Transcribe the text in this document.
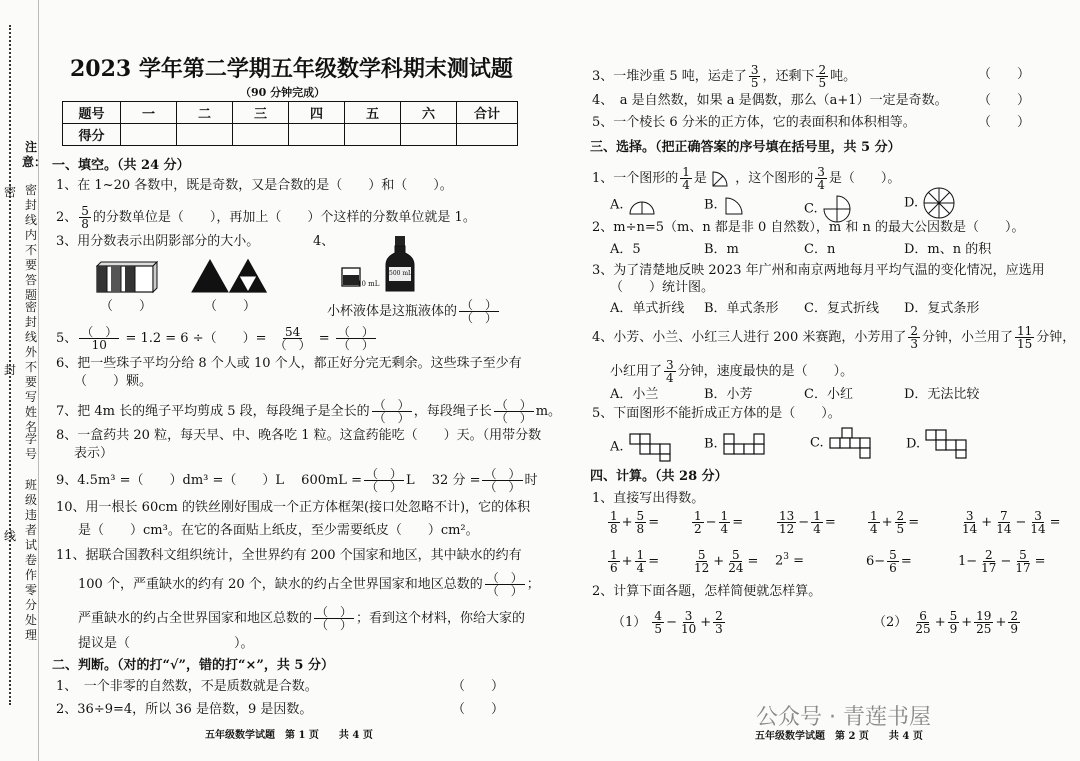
注意：
密封线内不要答题
密封线外不要写姓名
学号
班级违者试卷作零分处理
密
封
线
2023 学年第二学期五年级数学科期末测试题
（90 分钟完成）
题号	一	二	三	四	五	六	合计
得分							
一、填空。（共 24 分）
1、在 1~20 各数中，既是奇数，又是合数的是（　　）和（　　）。
2、 $\frac{5}{8}$ 的分数单位是（　　），再加上（　　）个这样的分数单位就是 1。
3、用分数表示出阴影部分的大小。	4、
（　　）	（　　）
10 mL
500 mL
小杯液体是这瓶液体的 $\frac{( )}{( )}$
5、 $\frac{( )}{10} = 1.2 = 6$ ÷（　　）= $\frac{54}{( )} = \frac{( )}{( )}$
6、把一些珠子平均分给 8 个人或 10 个人，都正好分完无剩余。这些珠子至少有
（　　）颗。
7、把 4m 长的绳子平均剪成 5 段，每段绳子是全长的 $\frac{( )}{( )}$ ，每段绳子长 $\frac{( )}{( )}$ m。
8、一盒药共 20 粒，每天早、中、晚各吃 1 粒。这盒药能吃（　　）天。（用带分数
表示）
9、4.5m³ =（　　）dm³ =（　　）L　 $600mL = \frac{( )}{( )}$ L　 32 分 = $\frac{( )}{( )}$ 时
10、用一根长 60cm 的铁丝刚好围成一个正方体框架(接口处忽略不计)，它的体积
是（　　）cm³。在它的各面贴上纸皮，至少需要纸皮（　　）cm²。
11、据联合国教科文组织统计，全世界约有 200 个国家和地区，其中缺水的约有
100 个，严重缺水的约有 20 个，缺水的约占全世界国家和地区总数的 $\frac{( )}{( )}$ ；
严重缺水的约占全世界国家和地区总数的 $\frac{( )}{( )}$ ；看到这个材料，你给大家的
提议是（　　　　　　　　）。
二、判断。（对的打“√”，错的打“×”，共 5 分）
1、　一个非零的自然数，不是质数就是合数。	（　　）
2、36÷9=4，所以 36 是倍数，9 是因数。	（　　）
五年级数学试题　第 1 页　　共 4 页
3、一堆沙重 5 吨，运走了 $\frac{3}{5}$ ，还剩下 $\frac{2}{5}$ 吨。	（　　）
4、　a 是自然数，如果 a 是偶数，那么（a+1）一定是奇数。 （　　）
5、一个棱长 6 分米的正方体，它的表面积和体积相等。	（　　）
三、选择。（把正确答案的序号填在括号里，共 5 分）
1、一个图形的 $\frac{1}{4}$ 是 ，这个图形的 $\frac{3}{4}$ 是（　　）。
A.	B.	C.	D.
2、m÷n=5（m、n 都是非 0 自然数），m 和 n 的最大公因数是（　　）。
A．5	B．m	C．n	D．m、n 的积
3、为了清楚地反映 2023 年广州和南京两地每月平均气温的变化情况，应选用
（　　）统计图。
A．单式折线 B．单式条形 C．复式折线 D．复式条形
4、小芳、小兰、小红三人进行 200 米赛跑，小芳用了 $\frac{2}{3}$ 分钟，小兰用了 $\frac{11}{15}$ 分钟，
小红用了 $\frac{3}{4}$ 分钟，速度最快的是（　　）。
A．小兰	B．小芳	C．小红	D．无法比较
5、下面图形不能折成正方体的是（　　）。
A.	B.	C.	D.
四、计算。（共 28 分）
1、直接写出得数。
$\frac{1}{8} + \frac{5}{8}$ =	$\frac{1}{2} - \frac{1}{4}$ =	$\frac{13}{12} - \frac{1}{4}$ =	$\frac{1}{4} + \frac{2}{5}$ =	$\frac{3}{14} + \frac{7}{14} - \frac{3}{14}$ =
$\frac{1}{6} + \frac{1}{4}$ =	$\frac{5}{12} + \frac{5}{24} = 2^3$ =	$6- \frac{5}{6}$ =	$1- \frac{2}{17} - \frac{5}{17}$ =
2、计算下面各题，怎样简便就怎样算。
$(1) \frac{4}{5} - \frac{3}{10} + \frac{2}{3}$	$(2) \frac{6}{25} + \frac{5}{9} + \frac{19}{25} + \frac{2}{9}$
公众号 · 青莲书屋
五年级数学试题　第 2 页　　共 4 页
